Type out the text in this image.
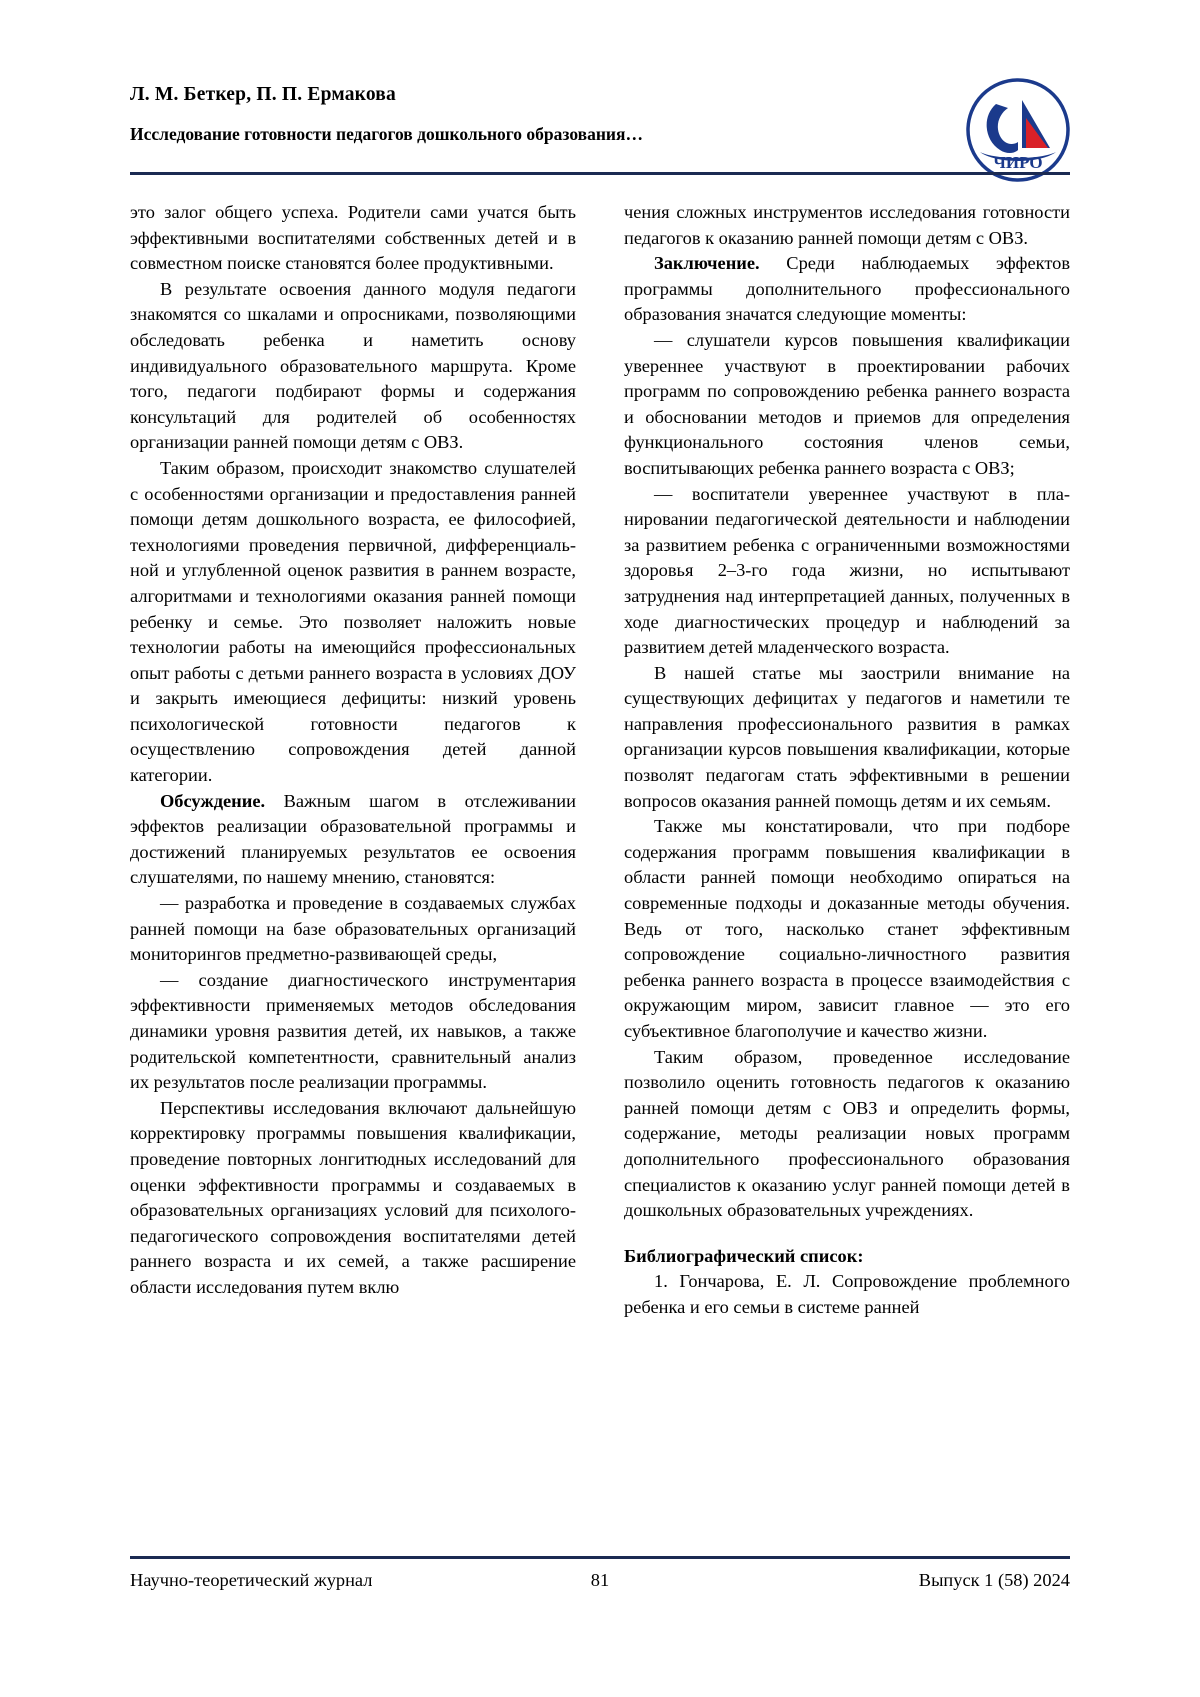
Л. М. Беткер, П. П. Ермакова

Исследование готовности педагогов дошкольного образования…

ЧИРО

это залог общего успеха. Родители сами учатся быть эффективными воспитателями собственных детей и в совместном поиске становятся более продуктивными.

В результате освоения данного модуля педагоги знакомятся со шкалами и опросниками, позволяющими обследовать ребенка и наметить основу индивидуального образовательного маршрута. Кроме того, педагоги подбирают формы и содержания консультаций для родителей об особенностях организации ранней помощи детям с ОВЗ.

Таким образом, происходит знакомство слушателей с особенностями организации и предоставления ранней помощи детям дошкольного возраста, ее философией, технологиями проведения первичной, дифференциальной и углубленной оценок развития в раннем возрасте, алгоритмами и технологиями оказания ранней помощи ребенку и семье. Это позволяет наложить новые технологии работы на имеющийся профессиональных опыт работы с детьми раннего возраста в условиях ДОУ и закрыть имеющиеся дефициты: низкий уровень психологической готовности педагогов к осуществлению сопровождения детей данной категории.

Обсуждение. Важным шагом в отслеживании эффектов реализации образовательной программы и достижений планируемых результатов ее освоения слушателями, по нашему мнению, становятся:

— разработка и проведение в создаваемых службах ранней помощи на базе образовательных организаций мониторингов предметно-развивающей среды,

— создание диагностического инструментария эффективности применяемых методов обследования динамики уровня развития детей, их навыков, а также родительской компетентности, сравнительный анализ их результатов после реализации программы.

Перспективы исследования включают дальнейшую корректировку программы повышения квалификации, проведение повторных лонгитюдных исследований для оценки эффективности программы и создаваемых в образовательных организациях условий для психолого-педагогического сопровождения воспитателями детей раннего возраста и их семей, а также расширение области исследования путем вклю

чения сложных инструментов исследования готовности педагогов к оказанию ранней помощи детям с ОВЗ.

Заключение. Среди наблюдаемых эффектов программы дополнительного профессионального образования значатся следующие моменты:

— слушатели курсов повышения квалификации увереннее участвуют в проектировании рабочих программ по сопровождению ребенка раннего возраста и обосновании методов и приемов для определения функционального состояния членов семьи, воспитывающих ребенка раннего возраста с ОВЗ;

— воспитатели увереннее участвуют в планировании педагогической деятельности и наблюдении за развитием ребенка с ограниченными возможностями здоровья 2–3-го года жизни, но испытывают затруднения над интерпретацией данных, полученных в ходе диагностических процедур и наблюдений за развитием детей младенческого возраста.

В нашей статье мы заострили внимание на существующих дефицитах у педагогов и наметили те направления профессионального развития в рамках организации курсов повышения квалификации, которые позволят педагогам стать эффективными в решении вопросов оказания ранней помощь детям и их семьям.

Также мы констатировали, что при подборе содержания программ повышения квалификации в области ранней помощи необходимо опираться на современные подходы и доказанные методы обучения. Ведь от того, насколько станет эффективным сопровождение социально-личностного развития ребенка раннего возраста в процессе взаимодействия с окружающим миром, зависит главное — это его субъективное благополучие и качество жизни.

Таким образом, проведенное исследование позволило оценить готовность педагогов к оказанию ранней помощи детям с ОВЗ и определить формы, содержание, методы реализации новых программ дополнительного профессионального образования специалистов к оказанию услуг ранней помощи детей в дошкольных образовательных учреждениях.

Библиографический список:

1. Гончарова, Е. Л. Сопровождение проблемного ребенка и его семьи в системе ранней

Научно-теоретический журнал	81	Выпуск 1 (58) 2024
